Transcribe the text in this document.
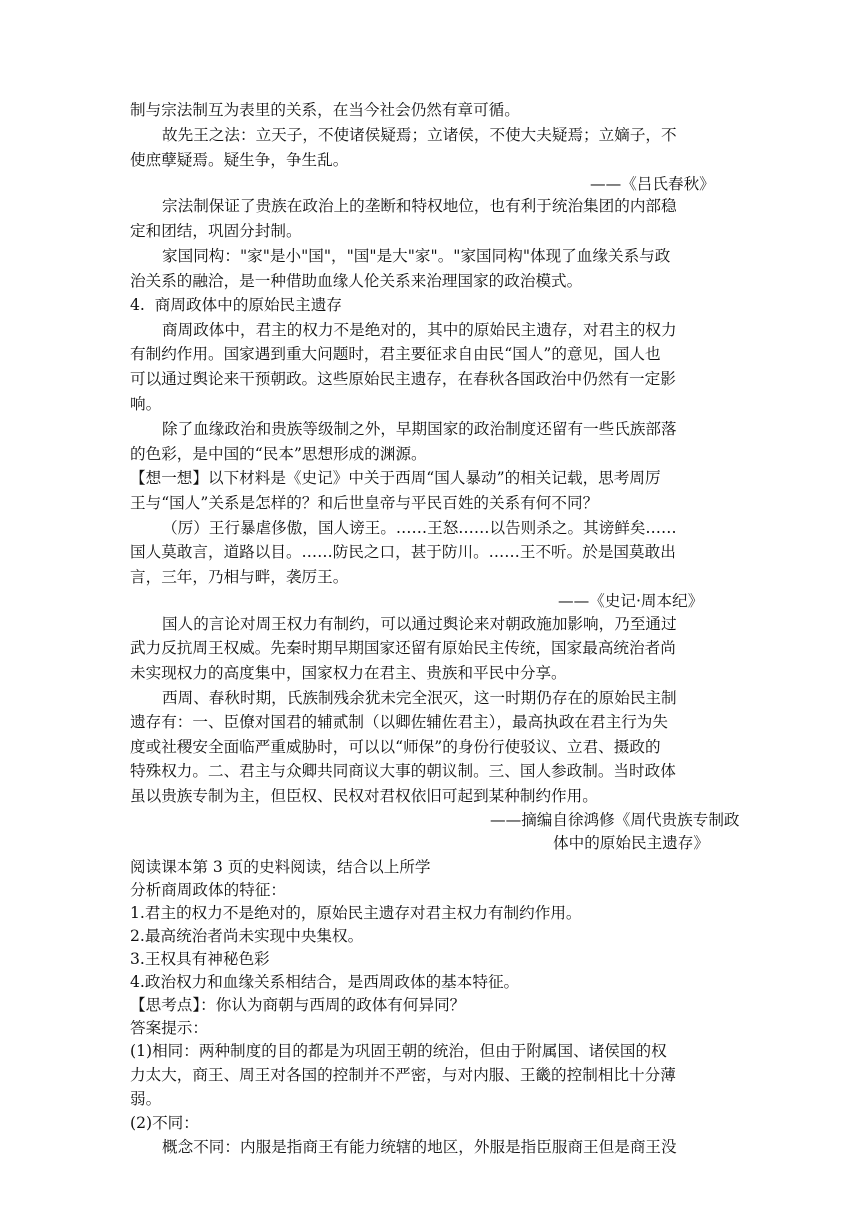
制与宗法制互为表里的关系，在当今社会仍然有章可循。
故先王之法：立天子，不使诸侯疑焉；立诸侯，不使大夫疑焉；立嫡子，不
使庶孽疑焉。疑生争，争生乱。
——《吕氏春秋》
宗法制保证了贵族在政治上的垄断和特权地位，也有利于统治集团的内部稳
定和团结，巩固分封制。
家国同构："家"是小"国"，"国"是大"家"。"家国同构"体现了血缘关系与政
治关系的融洽，是一种借助血缘人伦关系来治理国家的政治模式。
4.  商周政体中的原始民主遗存
商周政体中，君主的权力不是绝对的，其中的原始民主遗存，对君主的权力
有制约作用。国家遇到重大问题时，君主要征求自由民“国人”的意见，国人也
可以通过舆论来干预朝政。这些原始民主遗存，在春秋各国政治中仍然有一定影
响。
除了血缘政治和贵族等级制之外，早期国家的政治制度还留有一些氏族部落
的色彩，是中国的“民本”思想形成的渊源。
【想一想】以下材料是《史记》中关于西周“国人暴动”的相关记载，思考周厉
王与“国人”关系是怎样的？和后世皇帝与平民百姓的关系有何不同？
（厉）王行暴虐侈傲，国人谤王。……王怒……以告则杀之。其谤鲜矣……
国人莫敢言，道路以目。……防民之口，甚于防川。……王不听。於是国莫敢出
言，三年，乃相与畔，袭厉王。
——《史记·周本纪》
国人的言论对周王权力有制约，可以通过舆论来对朝政施加影响，乃至通过
武力反抗周王权威。先秦时期早期国家还留有原始民主传统，国家最高统治者尚
未实现权力的高度集中，国家权力在君主、贵族和平民中分享。
西周、春秋时期，氏族制残余犹未完全泯灭，这一时期仍存在的原始民主制
遗存有：一、臣僚对国君的辅贰制（以卿佐辅佐君主），最高执政在君主行为失
度或社稷安全面临严重威胁时，可以以“师保”的身份行使驳议、立君、摄政的
特殊权力。二、君主与众卿共同商议大事的朝议制。三、国人参政制。当时政体
虽以贵族专制为主，但臣权、民权对君权依旧可起到某种制约作用。
——摘编自徐鸿修《周代贵族专制政
体中的原始民主遗存》
阅读课本第 3 页的史料阅读，结合以上所学
分析商周政体的特征：
1.君主的权力不是绝对的，原始民主遗存对君主权力有制约作用。
2.最高统治者尚未实现中央集权。
3.王权具有神秘色彩
4.政治权力和血缘关系相结合，是西周政体的基本特征。
【思考点】：你认为商朝与西周的政体有何异同？
答案提示：
(1)相同：两种制度的目的都是为巩固王朝的统治，但由于附属国、诸侯国的权
力太大，商王、周王对各国的控制并不严密，与对内服、王畿的控制相比十分薄
弱。
(2)不同：
概念不同：内服是指商王有能力统辖的地区，外服是指臣服商王但是商王没
